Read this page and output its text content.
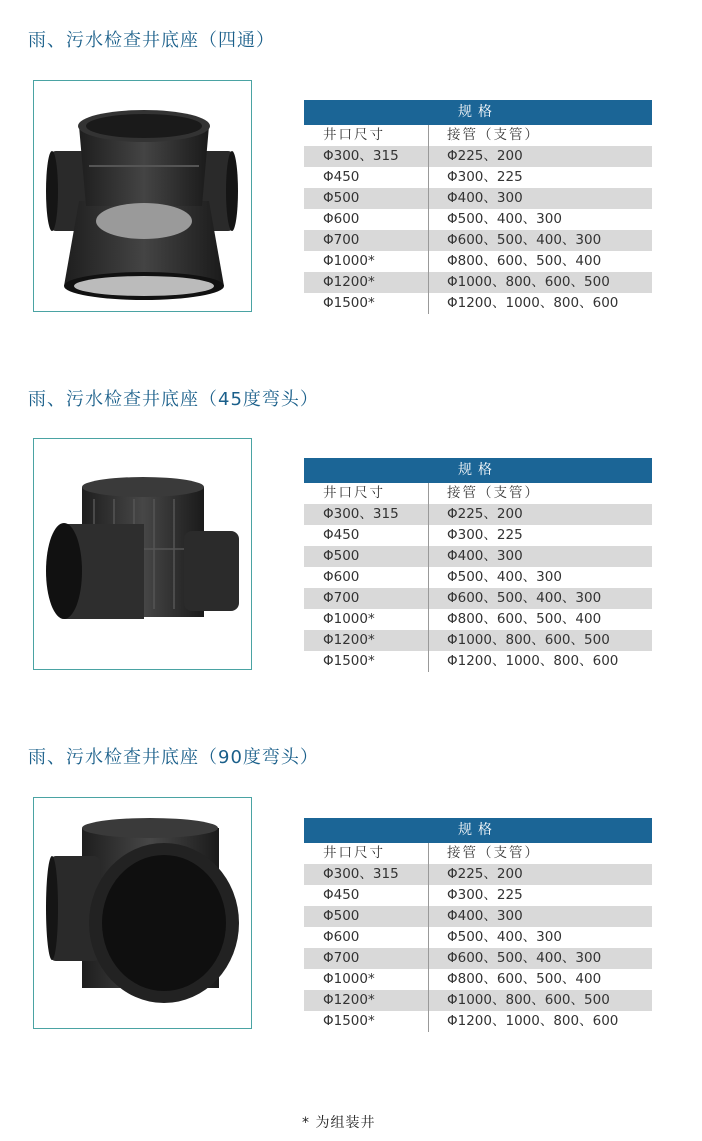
雨、污水检查井底座（四通）
规格
井口尺寸	接管（支管）
Φ300、315	Φ225、200
Φ450	Φ300、225
Φ500	Φ400、300
Φ600	Φ500、400、300
Φ700	Φ600、500、400、300
Φ1000*	Φ800、600、500、400
Φ1200*	Φ1000、800、600、500
Φ1500*	Φ1200、1000、800、600
雨、污水检查井底座（45度弯头）
规格
井口尺寸	接管（支管）
Φ300、315	Φ225、200
Φ450	Φ300、225
Φ500	Φ400、300
Φ600	Φ500、400、300
Φ700	Φ600、500、400、300
Φ1000*	Φ800、600、500、400
Φ1200*	Φ1000、800、600、500
Φ1500*	Φ1200、1000、800、600
雨、污水检查井底座（90度弯头）
规格
井口尺寸	接管（支管）
Φ300、315	Φ225、200
Φ450	Φ300、225
Φ500	Φ400、300
Φ600	Φ500、400、300
Φ700	Φ600、500、400、300
Φ1000*	Φ800、600、500、400
Φ1200*	Φ1000、800、600、500
Φ1500*	Φ1200、1000、800、600
* 为组装井
